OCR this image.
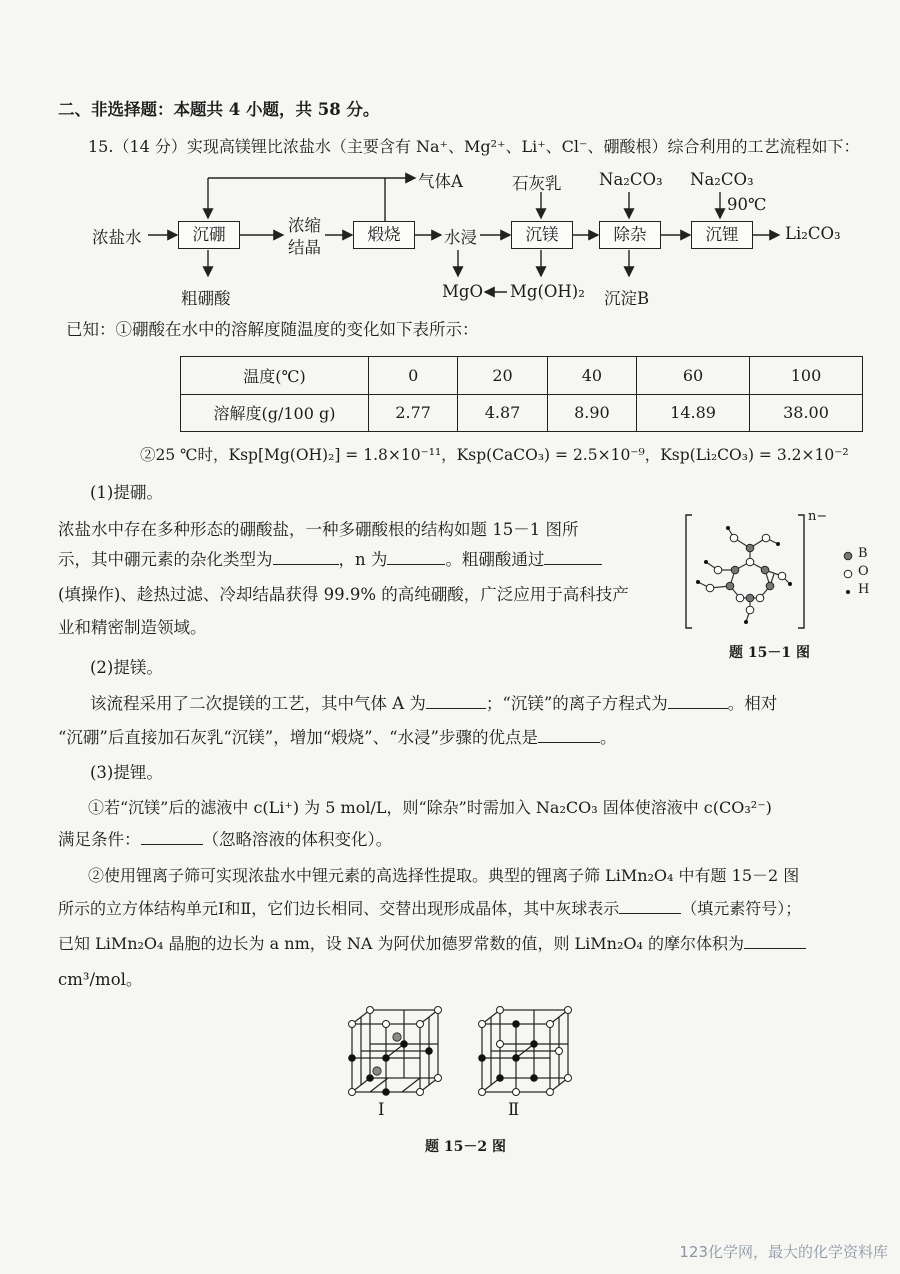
二、非选择题：本题共 4 小题，共 58 分。
15.（14 分）实现高镁锂比浓盐水（主要含有 Na⁺、Mg²⁺、Li⁺、Cl⁻、硼酸根）综合利用的工艺流程如下：
浓盐水	沉硼
粗硼酸
浓缩
结晶
气体A
煅烧	水浸
MgO Mg(OH)₂
石灰乳
沉镁
Na₂CO₃
除杂
沉淀B
Na₂CO₃
90℃
沉锂	Li₂CO₃
已知：①硼酸在水中的溶解度随温度的变化如下表所示：
温度(℃)	0	20	40	60	100
溶解度(g/100 g)	2.77	4.87	8.90	14.89	38.00
②25 ℃时，Ksp[Mg(OH)₂] = 1.8×10⁻¹¹，Ksp(CaCO₃) = 2.5×10⁻⁹，Ksp(Li₂CO₃) = 3.2×10⁻²
(1)提硼。
浓盐水中存在多种形态的硼酸盐，一种多硼酸根的结构如题 15－1 图所
示，其中硼元素的杂化类型为	，n 为	。粗硼酸通过
(填操作)、趁热过滤、冷却结晶获得 99.9% 的高纯硼酸，广泛应用于高科技产
业和精密制造领域。
n−
B
O
H
题 15－1 图
(2)提镁。
该流程采用了二次提镁的工艺，其中气体 A 为	；“沉镁”的离子方程式为	。相对
“沉硼”后直接加石灰乳“沉镁”，增加“煅烧”、“水浸”步骤的优点是	。
(3)提锂。
①若“沉镁”后的滤液中 c(Li⁺) 为 5 mol/L，则“除杂”时需加入 Na₂CO₃ 固体使溶液中 c(CO₃²⁻)
满足条件：	（忽略溶液的体积变化）。
②使用锂离子筛可实现浓盐水中锂元素的高选择性提取。典型的锂离子筛 LiMn₂O₄ 中有题 15－2 图
所示的立方体结构单元Ⅰ和Ⅱ，它们边长相同、交替出现形成晶体，其中灰球表示	（填元素符号）；
已知 LiMn₂O₄ 晶胞的边长为 a nm，设 NA 为阿伏加德罗常数的值，则 LiMn₂O₄ 的摩尔体积为
cm³/mol。
Ⅰ	Ⅱ
题 15－2 图
123化学网，最大的化学资料库
